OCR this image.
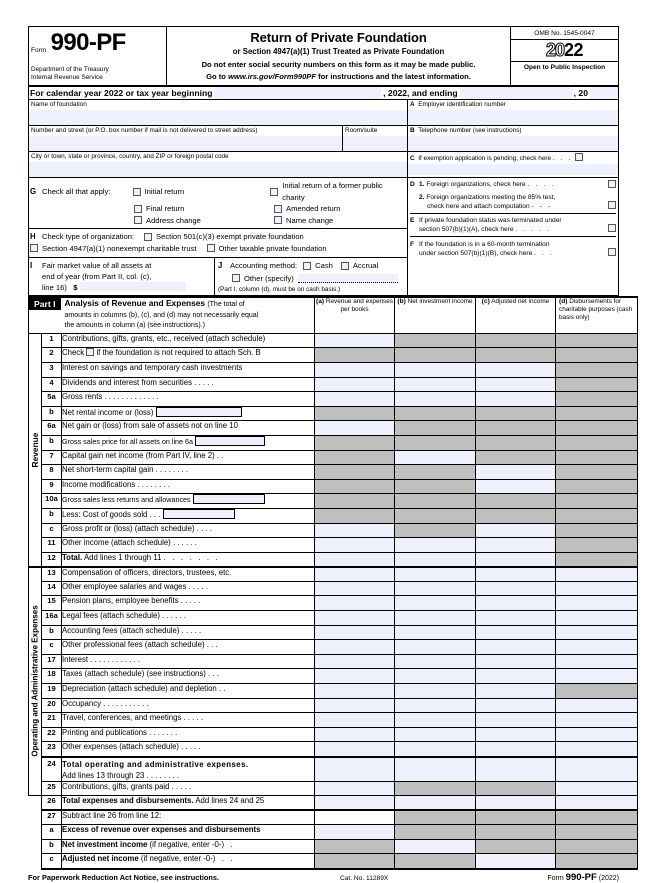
Form 990-PF
Department of the Treasury
Internal Revenue Service
Return of Private Foundation
or Section 4947(a)(1) Trust Treated as Private Foundation
Do not enter social security numbers on this form as it may be made public.
Go to www.irs.gov/Form990PF for instructions and the latest information.
OMB No. 1545-0047
2022
Open to Public Inspection
For calendar year 2022 or tax year beginning	, 2022, and ending	, 20
Name of foundation
Number and street (or P.O. box number if mail is not delivered to street address)	Room/suite
City or town, state or province, country, and ZIP or foreign postal code
A Employer identification number
B Telephone number (see instructions)
C If exemption application is pending, check here . . .
G Check all that apply:	Initial return
Initial return of a former public charity
Final return	Amended return
Address change	Name change
H Check type of organization:	Section 501(c)(3) exempt private foundation
Section 4947(a)(1) nonexempt charitable trust	Other taxable private foundation
I	Fair market value of all assets at
end of year (from Part II, col. (c),
line 16) $
J	Accounting method: Cash	Accrual
Other (specify)
(Part I, column (d), must be on cash basis.)
D 1. Foreign organizations, check here . . . .
2. Foreign organizations meeting the 85% test,
check here and attach computation - - -
E If private foundation status was terminated under
section 507(b)(1)(A), check here . . . . .
F If the foundation is in a 60-month termination
under section 507(b)(1)(B), check here . . .
Part I Analysis of Revenue and Expenses (The total of
amounts in columns (b), (c), and (d) may not necessarily equal
the amounts in column (a) (see instructions).)			(a) Revenue and expenses per books	(b) Net investment income	(c) Adjusted net income	(d) Disbursements for charitable purposes (cash basis only)

Revenue	1	Contributions, gifts, grants, etc., received (attach schedule)				
	2	Check  if the foundation is not required to attach Sch. B				
	3	Interest on savings and temporary cash investments				
	4	Dividends and interest from securities . . . . .				
	5a	Gross rents . . . . . . . . . . . . .				
	b	Net rental income or (loss)				
	6a	Net gain or (loss) from sale of assets not on line 10				
	b	Gross sales price for all assets on line 6a				
	7	Capital gain net income (from Part IV, line 2) . .				
	8	Net short-term capital gain . . . . . . . .				
	9	Income modifications . . . . . . . .				
	10a	Gross sales less returns and allowances				
	b	Less: Cost of goods sold . . .				
	c	Gross profit or (loss) (attach schedule) . . . .				
	11	Other income (attach schedule) . . . . . .				
	12	Total. Add lines 1 through 11 .   .   .   .   .   .   .				

Operating and Administrative Expenses	13	Compensation of officers, directors, trustees, etc.				
	14	Other employee salaries and wages . . . . .				
	15	Pension plans, employee benefits . . . . .				
	16a	Legal fees (attach schedule) . . . . . .				
	b	Accounting fees (attach schedule) . . . . .				
	c	Other professional fees (attach schedule) . . .				
	17	Interest . . . . . . . . . . . .				
	18	Taxes (attach schedule) (see instructions) . . .				
	19	Depreciation (attach schedule) and depletion . .				
	20	Occupancy . . . . . . . . . . .				
	21	Travel, conferences, and meetings . . . . .				
	22	Printing and publications . . . . . . .				
	23	Other expenses (attach schedule) . . . . .				
	24	Total operating and administrative expenses.
Add lines 13 through 23 . . . . . . . .				
	25	Contributions, gifts, grants paid . . . . .				
	26	Total expenses and disbursements. Add lines 24 and 25				
	27	Subtract line 26 from line 12:				
	a	Excess of revenue over expenses and disbursements				
	b	Net investment income (if negative, enter -0-)   .				
	c	Adjusted net income (if negative, enter -0-)   .   .				
For Paperwork Reduction Act Notice, see instructions.	Cat. No. 11289X	Form 990-PF (2022)
